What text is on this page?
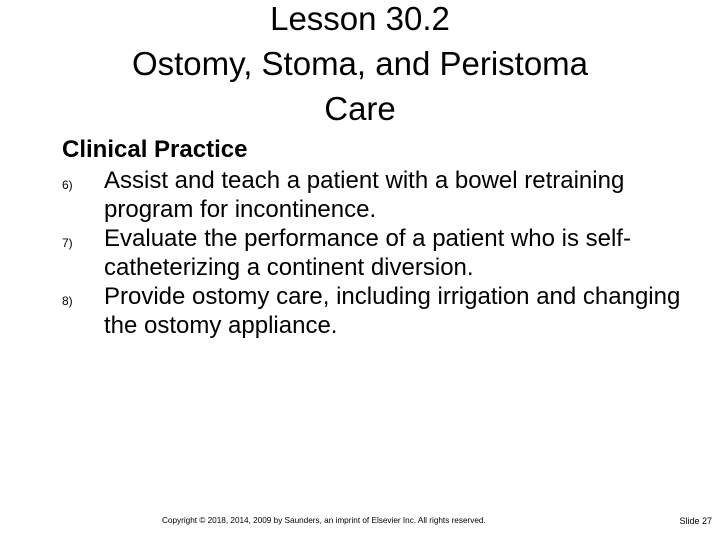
Lesson 30.2
Ostomy, Stoma, and Peristoma
Care
Clinical Practice
6) Assist and teach a patient with a bowel retraining program for incontinence.
7) Evaluate the performance of a patient who is self-catheterizing a continent diversion.
8) Provide ostomy care, including irrigation and changing the ostomy appliance.
Copyright © 2018, 2014, 2009 by Saunders, an imprint of Elsevier Inc. All rights reserved.	Slide 27
